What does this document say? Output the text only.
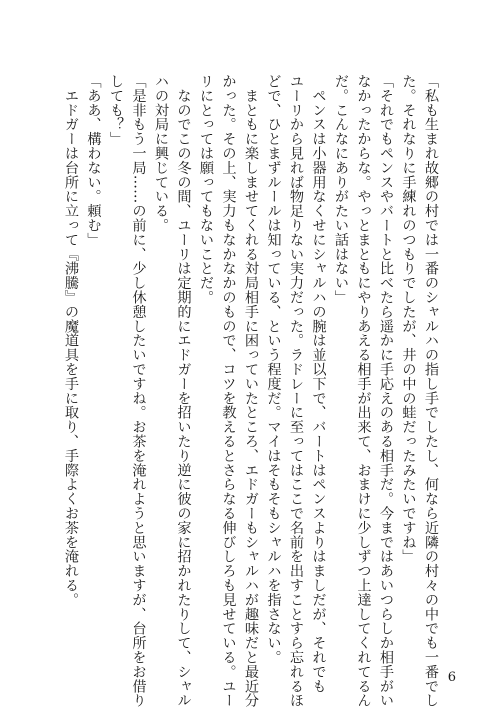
「私も生まれ故郷の村では一番のシャルハの指し手でしたし、何なら近隣の村々の中でも一番でし
た。それなりに手練れのつもりでしたが、井の中の蛙だったみたいですね」
「それでもペンスやバートと比べたら遥かに手応えのある相手だ。今まではあいつらしか相手がい
なかったからな。やっとまともにやりあえる相手が出来て、おまけに少しずつ上達してくれてるん
だ。こんなにありがたい話はない」
　ペンスは小器用なくせにシャルハの腕は並以下で、バートはペンスよりはましだが、それでも
ユーリから見れば物足りない実力だった。ラドレーに至ってはここで名前を出すことすら忘れるほ
どで、ひとまずルールは知っている、という程度だ。マイはそもそもシャルハを指さない。
　まともに楽しませてくれる対局相手に困っていたところ、エドガーもシャルハが趣味だと最近分
かった。その上、実力もなかなかのもので、コツを教えるとさらなる伸びしろも見せている。ユー
リにとっては願ってもないことだ。
　なのでこの冬の間、ユーリは定期的にエドガーを招いたり逆に彼の家に招かれたりして、シャル
ハの対局に興じている。
「是非もう一局……の前に、少し休憩したいですね。お茶を淹れようと思いますが、台所をお借り
しても？」
「ああ、構わない。頼む」
　エドガーは台所に立って『沸騰』の魔道具を手に取り、手際よくお茶を淹れる。
6
